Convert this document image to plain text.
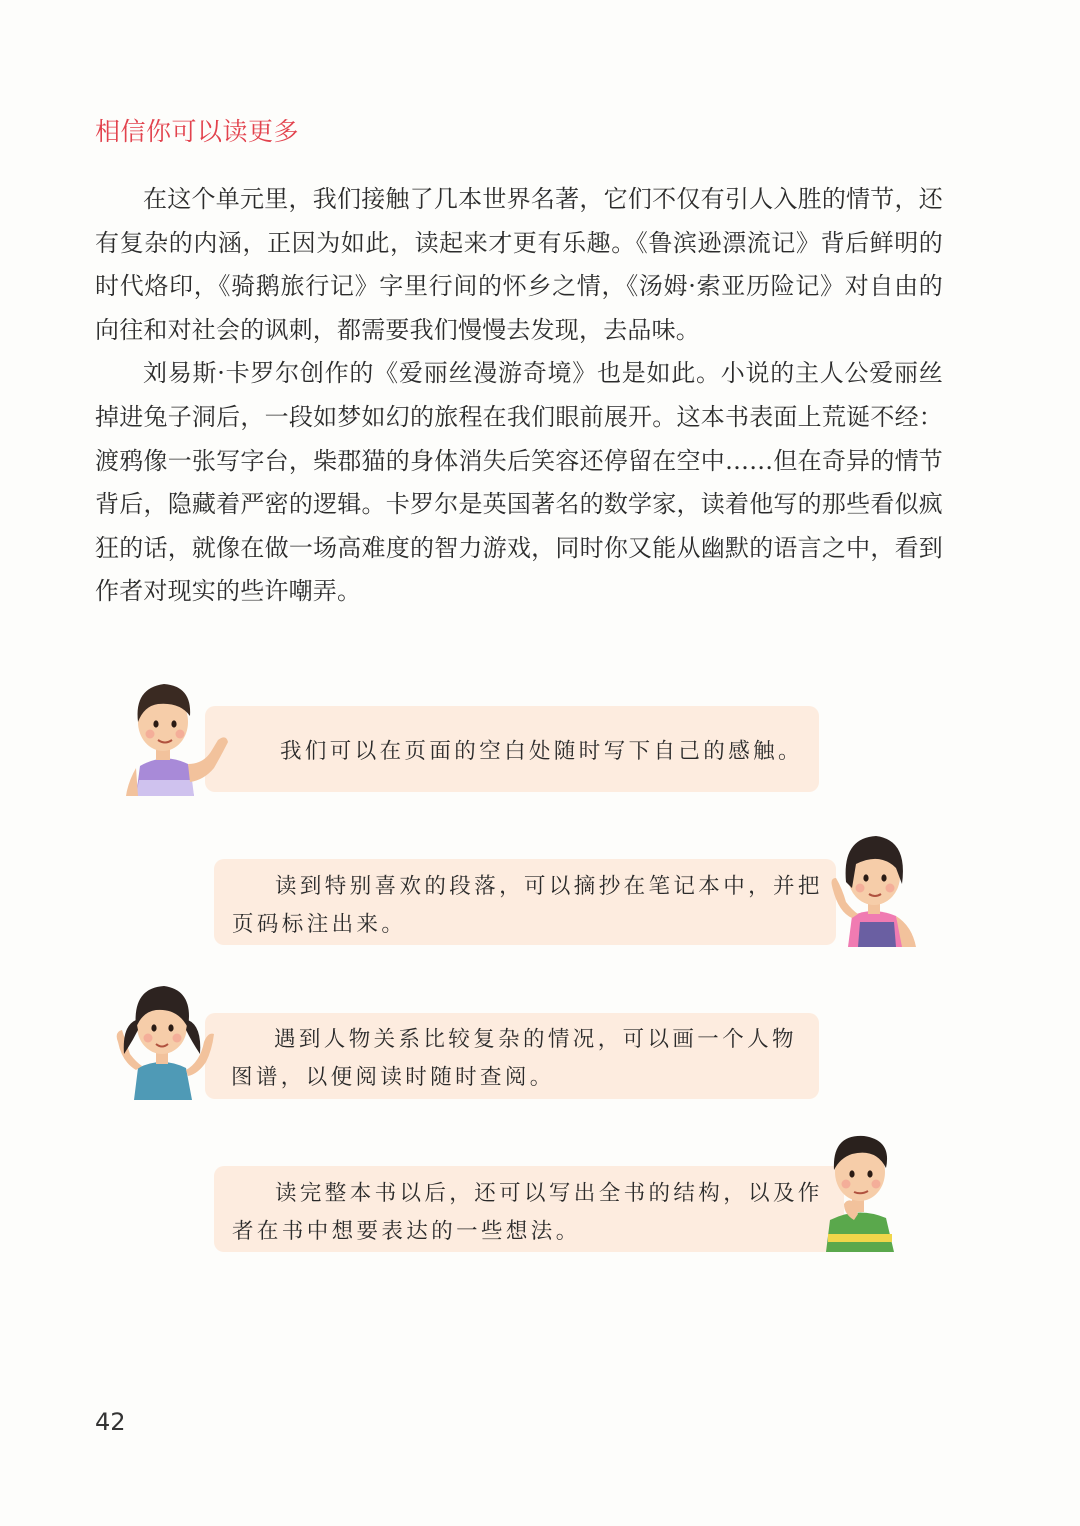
相信你可以读更多

在这个单元里，我们接触了几本世界名著，它们不仅有引人入胜的情节，还有复杂的内涵，正因为如此，读起来才更有乐趣。《鲁滨逊漂流记》背后鲜明的时代烙印，《骑鹅旅行记》字里行间的怀乡之情，《汤姆·索亚历险记》对自由的向往和对社会的讽刺，都需要我们慢慢去发现，去品味。

刘易斯·卡罗尔创作的《爱丽丝漫游奇境》也是如此。小说的主人公爱丽丝掉进兔子洞后，一段如梦如幻的旅程在我们眼前展开。这本书表面上荒诞不经：渡鸦像一张写字台，柴郡猫的身体消失后笑容还停留在空中……但在奇异的情节背后，隐藏着严密的逻辑。卡罗尔是英国著名的数学家，读着他写的那些看似疯狂的话，就像在做一场高难度的智力游戏，同时你又能从幽默的语言之中，看到作者对现实的些许嘲弄。

我们可以在页面的空白处随时写下自己的感触。
读到特别喜欢的段落，可以摘抄在笔记本中，并把页码标注出来。
遇到人物关系比较复杂的情况，可以画一个人物图谱，以便阅读时随时查阅。
读完整本书以后，还可以写出全书的结构，以及作者在书中想要表达的一些想法。
42
